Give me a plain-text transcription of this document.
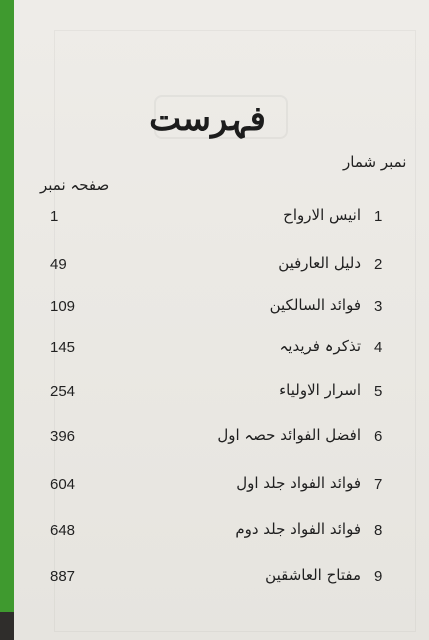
فہرست
نمبر شمار
صفحہ نمبر
1	انیس الارواح 1
49	دلیل العارفین 2
109	فوائد السالکین 3
145	تذکرہ فریدیہ 4
254	اسرار الاولیاء 5
396	افضل الفوائد حصہ اول 6
604	فوائد الفواد جلد اول 7
648	فوائد الفواد جلد دوم 8
887	مفتاح العاشقین 9
